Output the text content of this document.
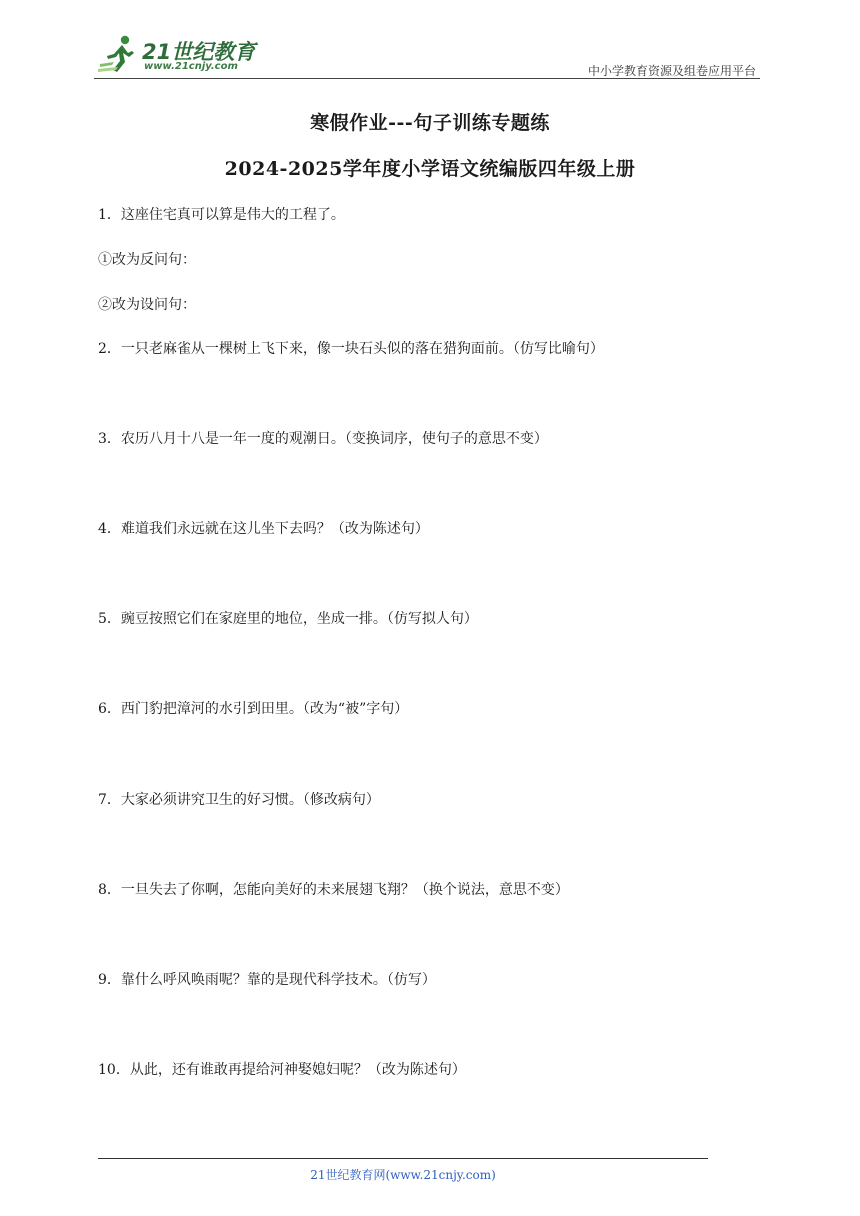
21世纪教育
www.21cnjy.com	中小学教育资源及组卷应用平台
寒假作业---句子训练专题练
2024-2025学年度小学语文统编版四年级上册
1．这座住宅真可以算是伟大的工程了。
①改为反问句：
②改为设问句：
2．一只老麻雀从一棵树上飞下来，像一块石头似的落在猎狗面前。（仿写比喻句）
3．农历八月十八是一年一度的观潮日。（变换词序，使句子的意思不变）
4．难道我们永远就在这儿坐下去吗？（改为陈述句）
5．豌豆按照它们在家庭里的地位，坐成一排。（仿写拟人句）
6．西门豹把漳河的水引到田里。（改为“被”字句）
7．大家必须讲究卫生的好习惯。（修改病句）
8．一旦失去了你啊，怎能向美好的未来展翅飞翔？（换个说法，意思不变）
9．靠什么呼风唤雨呢？靠的是现代科学技术。（仿写）
10．从此，还有谁敢再提给河神娶媳妇呢？（改为陈述句）
21世纪教育网(www.21cnjy.com)
